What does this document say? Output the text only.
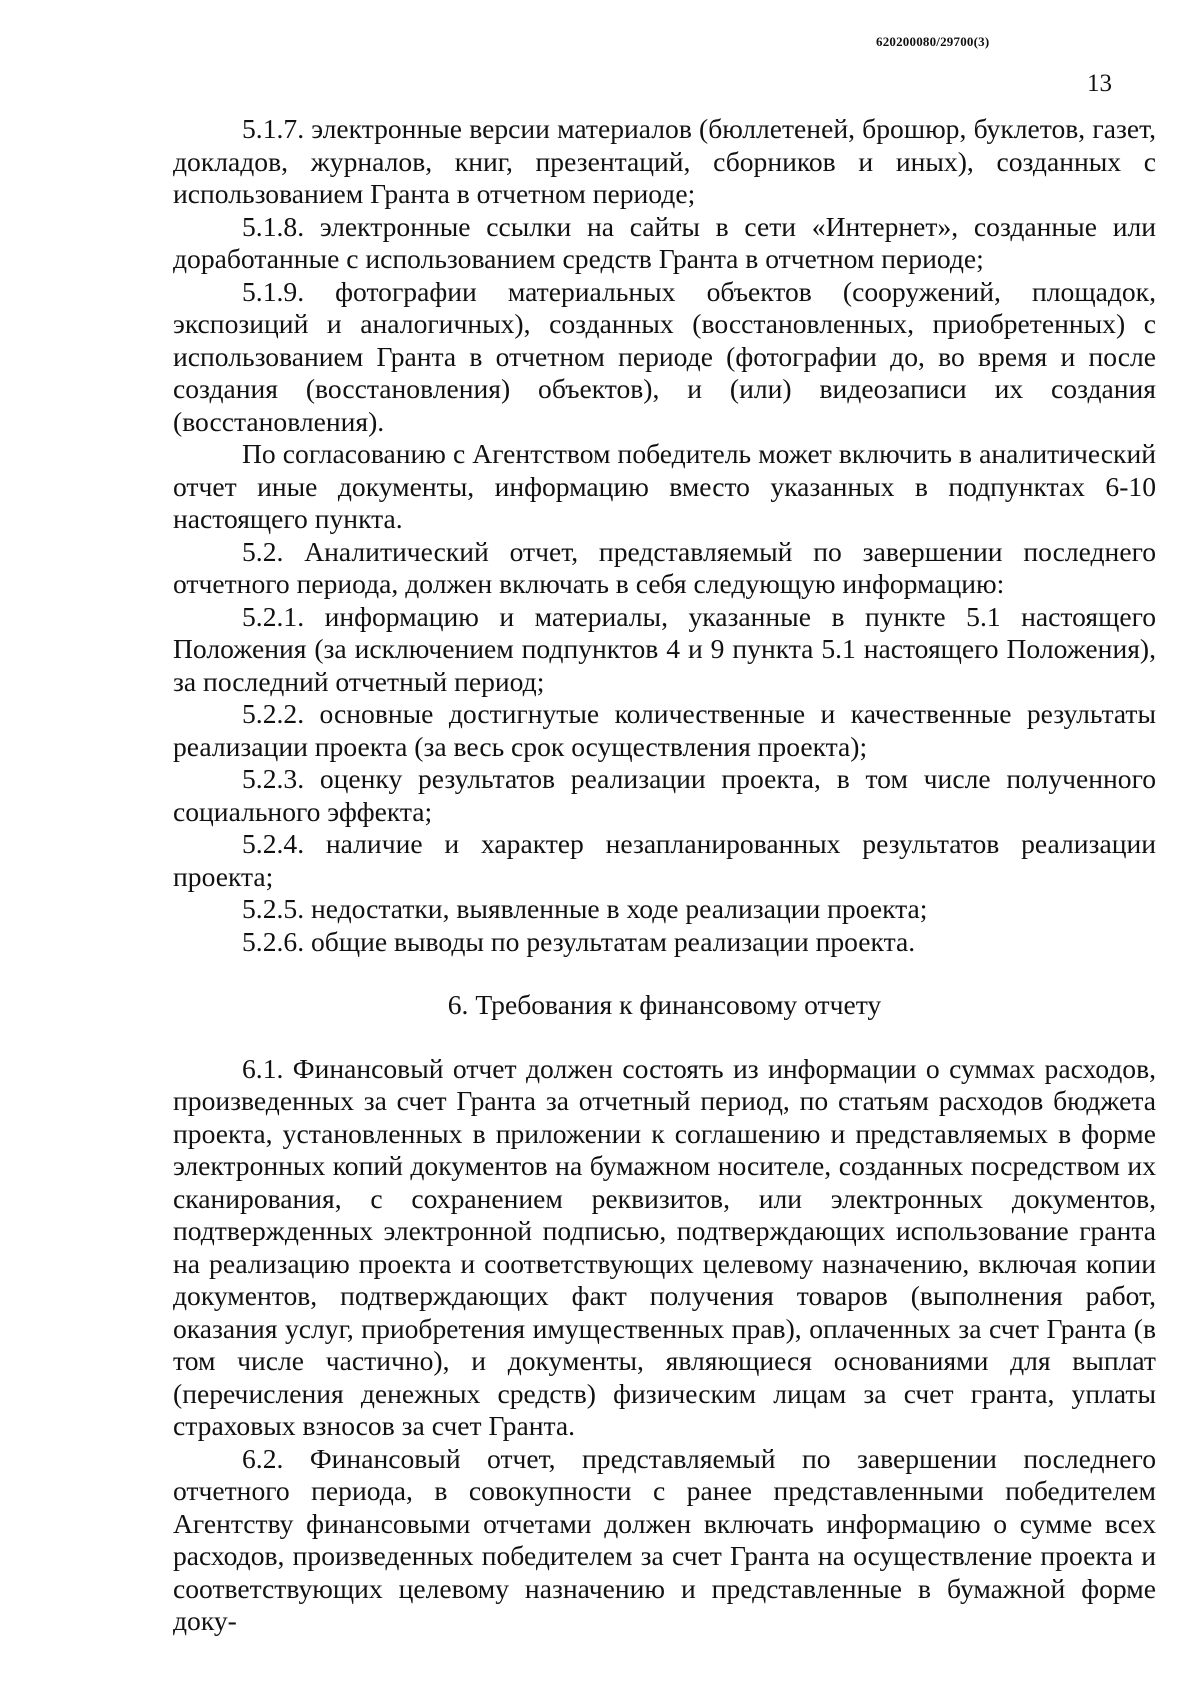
620200080/29700(3)
13

5.1.7. электронные версии материалов (бюллетеней, брошюр, буклетов, газет, докладов, журналов, книг, презентаций, сборников и иных), созданных с использованием Гранта в отчетном периоде;

5.1.8. электронные ссылки на сайты в сети «Интернет», созданные или доработанные с использованием средств Гранта в отчетном периоде;

5.1.9. фотографии материальных объектов (сооружений, площадок, экспозиций и аналогичных), созданных (восстановленных, приобретенных) с использованием Гранта в отчетном периоде (фотографии до, во время и после создания (восстановления) объектов), и (или) видеозаписи их создания (восстановления).

По согласованию с Агентством победитель может включить в аналитический отчет иные документы, информацию вместо указанных в подпунктах 6-10 настоящего пункта.

5.2. Аналитический отчет, представляемый по завершении последнего отчетного периода, должен включать в себя следующую информацию:

5.2.1. информацию и материалы, указанные в пункте 5.1 настоящего Положения (за исключением подпунктов 4 и 9 пункта 5.1 настоящего Положения), за последний отчетный период;

5.2.2. основные достигнутые количественные и качественные результаты реализации проекта (за весь срок осуществления проекта);

5.2.3. оценку результатов реализации проекта, в том числе полученного социального эффекта;

5.2.4. наличие и характер незапланированных результатов реализации проекта;

5.2.5. недостатки, выявленные в ходе реализации проекта;

5.2.6. общие выводы по результатам реализации проекта.

6. Требования к финансовому отчету

6.1. Финансовый отчет должен состоять из информации о суммах расходов, произведенных за счет Гранта за отчетный период, по статьям расходов бюджета проекта, установленных в приложении к соглашению и представляемых в форме электронных копий документов на бумажном носителе, созданных посредством их сканирования, с сохранением реквизитов, или электронных документов, подтвержденных электронной подписью, подтверждающих использование гранта на реализацию проекта и соответствующих целевому назначению, включая копии документов, подтверждающих факт получения товаров (выполнения работ, оказания услуг, приобретения имущественных прав), оплаченных за счет Гранта (в том числе частично), и документы, являющиеся основаниями для выплат (перечисления денежных средств) физическим лицам за счет гранта, уплаты страховых взносов за счет Гранта.

6.2. Финансовый отчет, представляемый по завершении последнего отчетного периода, в совокупности с ранее представленными победителем Агентству финансовыми отчетами должен включать информацию о сумме всех расходов, произведенных победителем за счет Гранта на осуществление проекта и соответствующих целевому назначению и представленные в бумажной форме доку-
